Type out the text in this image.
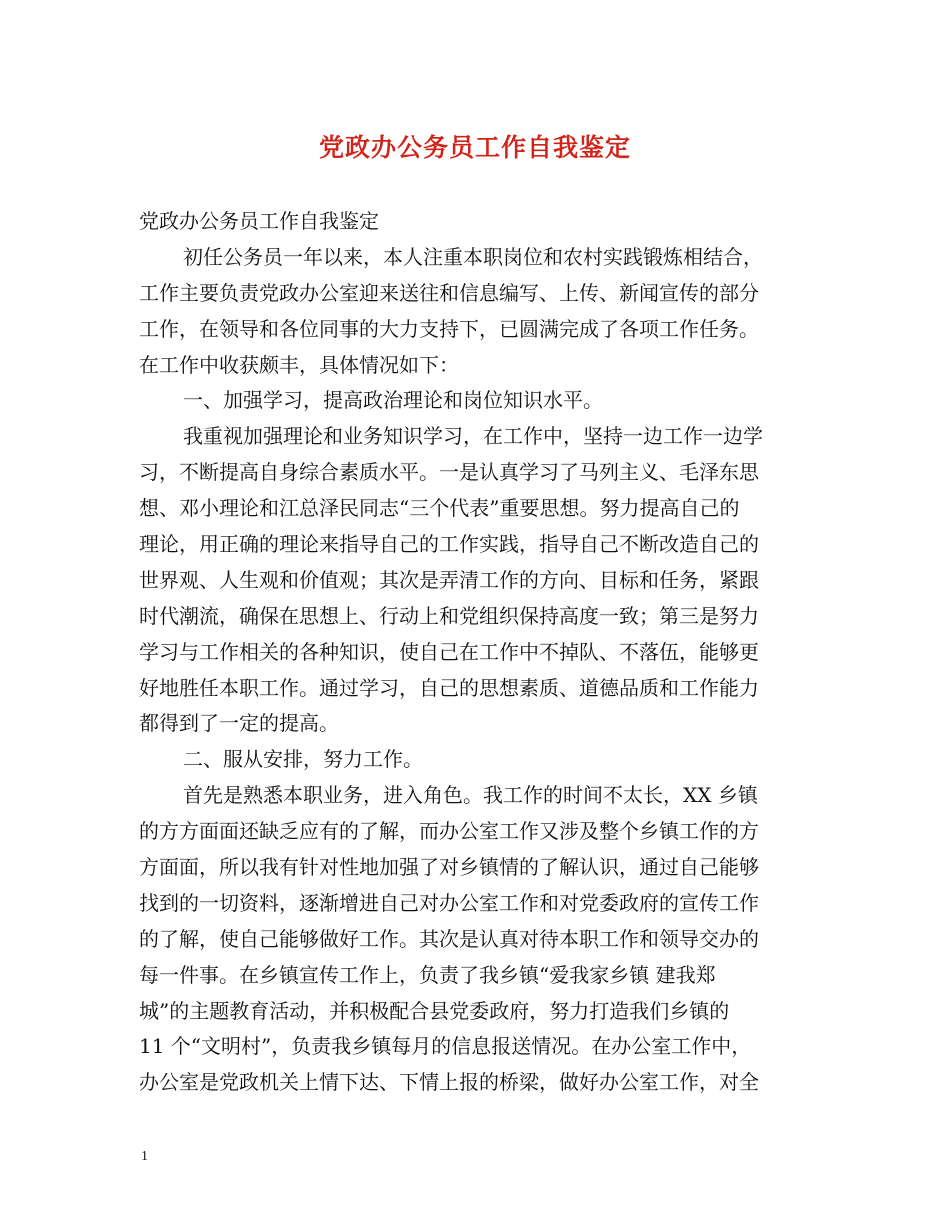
党政办公务员工作自我鉴定

党政办公务员工作自我鉴定

初任公务员一年以来，本人注重本职岗位和农村实践锻炼相结合，

工作主要负责党政办公室迎来送往和信息编写、上传、新闻宣传的部分

工作，在领导和各位同事的大力支持下，已圆满完成了各项工作任务。

在工作中收获颇丰，具体情况如下：

一、加强学习，提高政治理论和岗位知识水平。

我重视加强理论和业务知识学习，在工作中，坚持一边工作一边学

习，不断提高自身综合素质水平。一是认真学习了马列主义、毛泽东思

想、邓小理论和江总泽民同志“三个代表”重要思想。努力提高自己的

理论，用正确的理论来指导自己的工作实践，指导自己不断改造自己的

世界观、人生观和价值观；其次是弄清工作的方向、目标和任务，紧跟

时代潮流，确保在思想上、行动上和党组织保持高度一致；第三是努力

学习与工作相关的各种知识，使自己在工作中不掉队、不落伍，能够更

好地胜任本职工作。通过学习，自己的思想素质、道德品质和工作能力

都得到了一定的提高。

二、服从安排，努力工作。

首先是熟悉本职业务，进入角色。我工作的时间不太长，XX 乡镇

的方方面面还缺乏应有的了解，而办公室工作又涉及整个乡镇工作的方

方面面，所以我有针对性地加强了对乡镇情的了解认识，通过自己能够

找到的一切资料，逐渐增进自己对办公室工作和对党委政府的宣传工作

的了解，使自己能够做好工作。其次是认真对待本职工作和领导交办的

每一件事。在乡镇宣传工作上，负责了我乡镇“爱我家乡镇 建我郑

城”的主题教育活动，并积极配合县党委政府，努力打造我们乡镇的

11 个“文明村”，负责我乡镇每月的信息报送情况。在办公室工作中，

办公室是党政机关上情下达、下情上报的桥梁，做好办公室工作，对全

1
